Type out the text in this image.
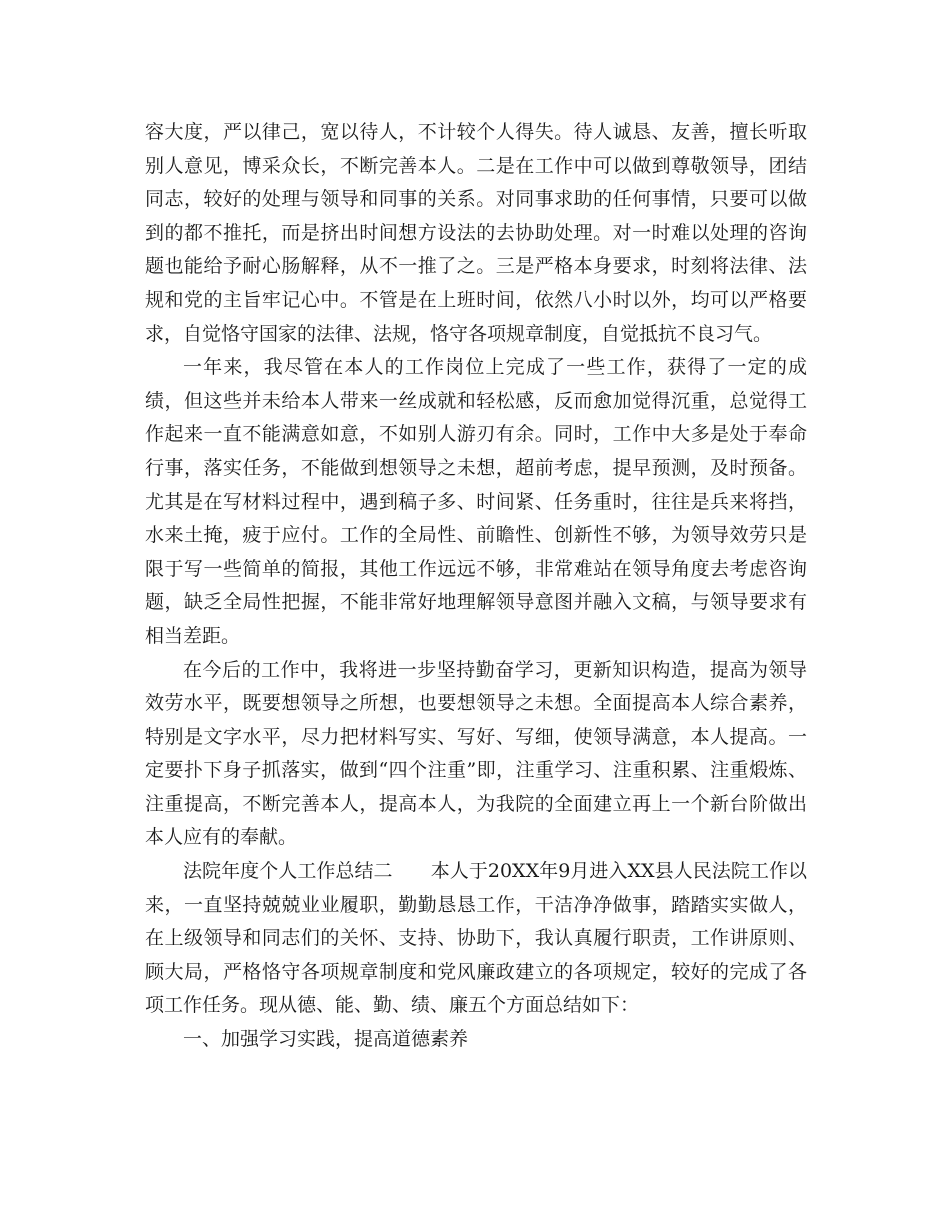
容大度，严以律己，宽以待人，不计较个人得失。待人诚恳、友善，擅长听取别人意见，博采众长，不断完善本人。二是在工作中可以做到尊敬领导，团结同志，较好的处理与领导和同事的关系。对同事求助的任何事情，只要可以做到的都不推托，而是挤出时间想方设法的去协助处理。对一时难以处理的咨询题也能给予耐心肠解释，从不一推了之。三是严格本身要求，时刻将法律、法规和党的主旨牢记心中。不管是在上班时间，依然八小时以外，均可以严格要求，自觉恪守国家的法律、法规，恪守各项规章制度，自觉抵抗不良习气。

一年来，我尽管在本人的工作岗位上完成了一些工作，获得了一定的成绩，但这些并未给本人带来一丝成就和轻松感，反而愈加觉得沉重，总觉得工作起来一直不能满意如意，不如别人游刃有余。同时，工作中大多是处于奉命行事，落实任务，不能做到想领导之未想，超前考虑，提早预测，及时预备。尤其是在写材料过程中，遇到稿子多、时间紧、任务重时，往往是兵来将挡，水来土掩，疲于应付。工作的全局性、前瞻性、创新性不够，为领导效劳只是限于写一些简单的简报，其他工作远远不够，非常难站在领导角度去考虑咨询题，缺乏全局性把握，不能非常好地理解领导意图并融入文稿，与领导要求有相当差距。

在今后的工作中，我将进一步坚持勤奋学习，更新知识构造，提高为领导效劳水平，既要想领导之所想，也要想领导之未想。全面提高本人综合素养，特别是文字水平，尽力把材料写实、写好、写细，使领导满意，本人提高。一定要扑下身子抓落实，做到“四个注重”即，注重学习、注重积累、注重煅炼、注重提高，不断完善本人，提高本人，为我院的全面建立再上一个新台阶做出本人应有的奉献。

法院年度个人工作总结二　　本人于20XX年9月进入XX县人民法院工作以来，一直坚持兢兢业业履职，勤勤恳恳工作，干洁净净做事，踏踏实实做人，在上级领导和同志们的关怀、支持、协助下，我认真履行职责，工作讲原则、顾大局，严格恪守各项规章制度和党风廉政建立的各项规定，较好的完成了各项工作任务。现从德、能、勤、绩、廉五个方面总结如下：

一、加强学习实践，提高道德素养
